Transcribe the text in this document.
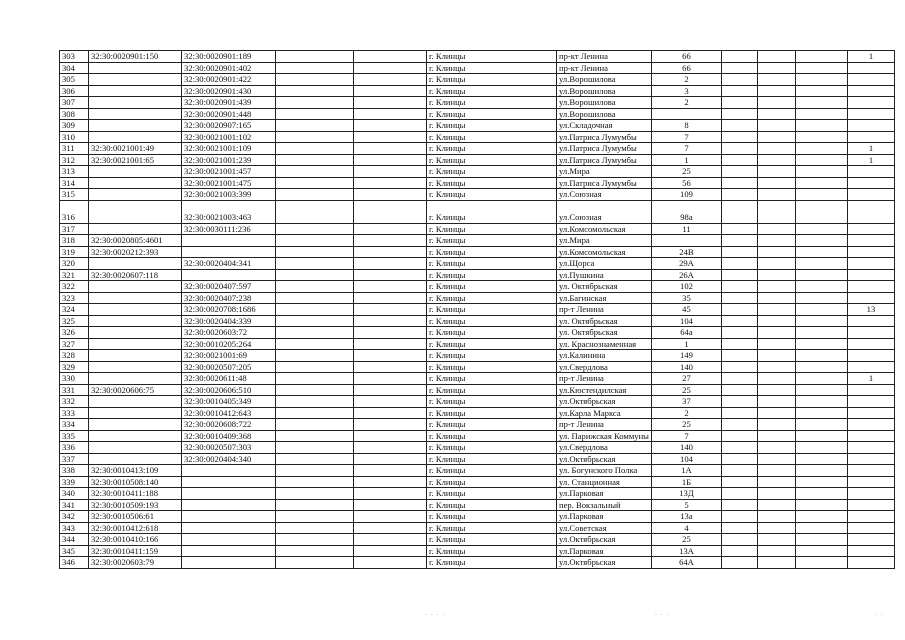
303	32:30:0020901:150	32:30:0020901:189			г. Клинцы	пр-кт Ленина	66				1
304		32:30:0020901:402			г. Клинцы	пр-кт Ленина	66				
305		32:30:0020901:422			г. Клинцы	ул.Ворошилова	2				
306		32:30:0020901:430			г. Клинцы	ул.Ворошилова	3				
307		32:30:0020901:439			г. Клинцы	ул.Ворошилова	2				
308		32:30:0020901:448			г. Клинцы	ул.Ворошилова					
309		32:30:0020907:165			г. Клинцы	ул.Складочная	8				
310		32:30:0021001:102			г. Клинцы	ул.Патриса Лумумбы	7				
311	32:30:0021001:49	32:30:0021001:109			г. Клинцы	ул.Патриса Лумумбы	7				1
312	32:30:0021001:65	32:30:0021001:239			г. Клинцы	ул.Патриса Лумумбы	1				1
313		32:30:0021001:457			г. Клинцы	ул.Мира	25				
314		32:30:0021001:475			г. Клинцы	ул.Патриса Лумумбы	56				
315		32:30:0021003:399			г. Клинцы	ул.Союзная	109				
316		32:30:0021003:463			г. Клинцы	ул.Союзная	98а				
317		32:30:0030111:236			г. Клинцы	ул.Комсомольская	11				
318	32:30:0020805:4601				г. Клинцы	ул.Мира					
319	32:30:0020212:393				г. Клинцы	ул.Комсомольская	24В				
320		32:30:0020404:341			г. Клинцы	ул.Щорса	29А				
321	32:30:0020607:118				г. Клинцы	ул.Пушкина	26А				
322		32:30:0020407:597			г. Клинцы	ул. Октябрьская	102				
323		32:30:0020407:238			г. Клинцы	ул.Багинская	35				
324		32:30:0020708:1686			г. Клинцы	пр-т Ленина	45				13
325		32:30:0020404:339			г. Клинцы	ул. Октябрьская	104				
326		32:30:0020603:72			г. Клинцы	ул. Октябрьская	64а				
327		32:30:0010205:264			г. Клинцы	ул. Краснознаменная	1				
328		32:30:0021001:69			г. Клинцы	ул.Калинина	149				
329		32:30:0020507:205			г. Клинцы	ул.Свердлова	140				
330		32:30:0020611:48			г. Клинцы	пр-т Ленина	27				1
331	32:30:0020606:75	32:30:0020606:510			г. Клинцы	ул.Кюстендилская	25				
332		32:30:0010405:349			г. Клинцы	ул.Октябрьская	37				
333		32:30:0010412:643			г. Клинцы	ул.Карла Маркса	2				
334		32:30:0020608:722			г. Клинцы	пр-т Ленина	25				
335		32:30:0010409:368			г. Клинцы	ул. Парижская Коммуны	7				
336		32:30:0020507:303			г. Клинцы	ул.Свердлова	140				
337		32:30:0020404:340			г. Клинцы	ул.Октябрьская	104				
338	32:30:0010413:109				г. Клинцы	ул. Богунского Полка	1А				
339	32:30:0010508:140				г. Клинцы	ул. Станционная	1Б				
340	32:30:0010411:188				г. Клинцы	ул.Парковая	13Д				
341	32:30:0010509:193				г. Клинцы	пер. Вокзальный	5				
342	32:30:0010506:61				г. Клинцы	ул.Парковая	13а				
343	32:30:0010412:618				г. Клинцы	ул.Советская	4				
344	32:30:0010410:166				г. Клинцы	ул.Октябрьская	25				
345	32:30:0010411:159				г. Клинцы	ул.Парковая	13А				
346	32:30:0020603:79				г. Клинцы	ул.Октябрьская	64А				
· · · ·	· · ·	· ·
